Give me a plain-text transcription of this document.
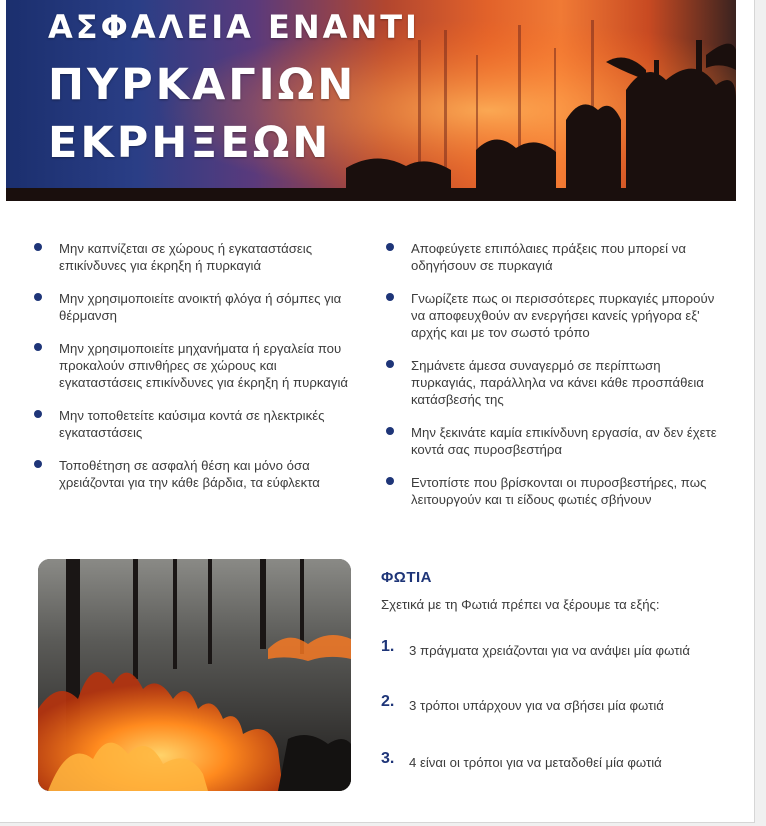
ΑΣΦΑΛΕΙΑ ΕΝΑΝΤΙ
ΠΥΡΚΑΓΙΩΝ
ΕΚΡΗΞΕΩΝ

Μην καπνίζεται σε χώρους ή εγκαταστάσεις επικίνδυνες για έκρηξη ή πυρκαγιά

Μην χρησιμοποιείτε ανοικτή φλόγα ή σόμπες για θέρμανση

Μην χρησιμοποιείτε μηχανήματα ή εργαλεία που προκαλούν σπινθήρες σε χώρους και εγκαταστάσεις επικίνδυνες για έκρηξη ή πυρκαγιά

Μην τοποθετείτε καύσιμα κοντά σε ηλεκτρικές εγκαταστάσεις

Τοποθέτηση σε ασφαλή θέση και μόνο όσα χρειάζονται για την κάθε βάρδια, τα εύφλεκτα

Αποφεύγετε επιπόλαιες πράξεις που μπορεί να οδηγήσουν σε πυρκαγιά

Γνωρίζετε πως οι περισσότερες πυρκαγιές μπορούν να αποφευχθούν αν ενεργήσει κανείς γρήγορα εξ' αρχής και με τον σωστό τρόπο

Σημάνετε άμεσα συναγερμό σε περίπτωση πυρκαγιάς, παράλληλα να κάνει κάθε προσπάθεια κατάσβεσής της

Μην ξεκινάτε καμία επικίνδυνη εργασία, αν δεν έχετε κοντά σας πυροσβεστήρα

Εντοπίστε που βρίσκονται οι πυροσβεστήρες, πως λειτουργούν και τι είδους φωτιές σβήνουν

ΦΩΤΙΑ

Σχετικά με τη Φωτιά πρέπει να ξέρουμε τα εξής:

1. 3 πράγματα χρειάζονται για να ανάψει μία φωτιά
2. 3 τρόποι υπάρχουν για να σβήσει μία φωτιά
3. 4 είναι οι τρόποι για να μεταδοθεί μία φωτιά
